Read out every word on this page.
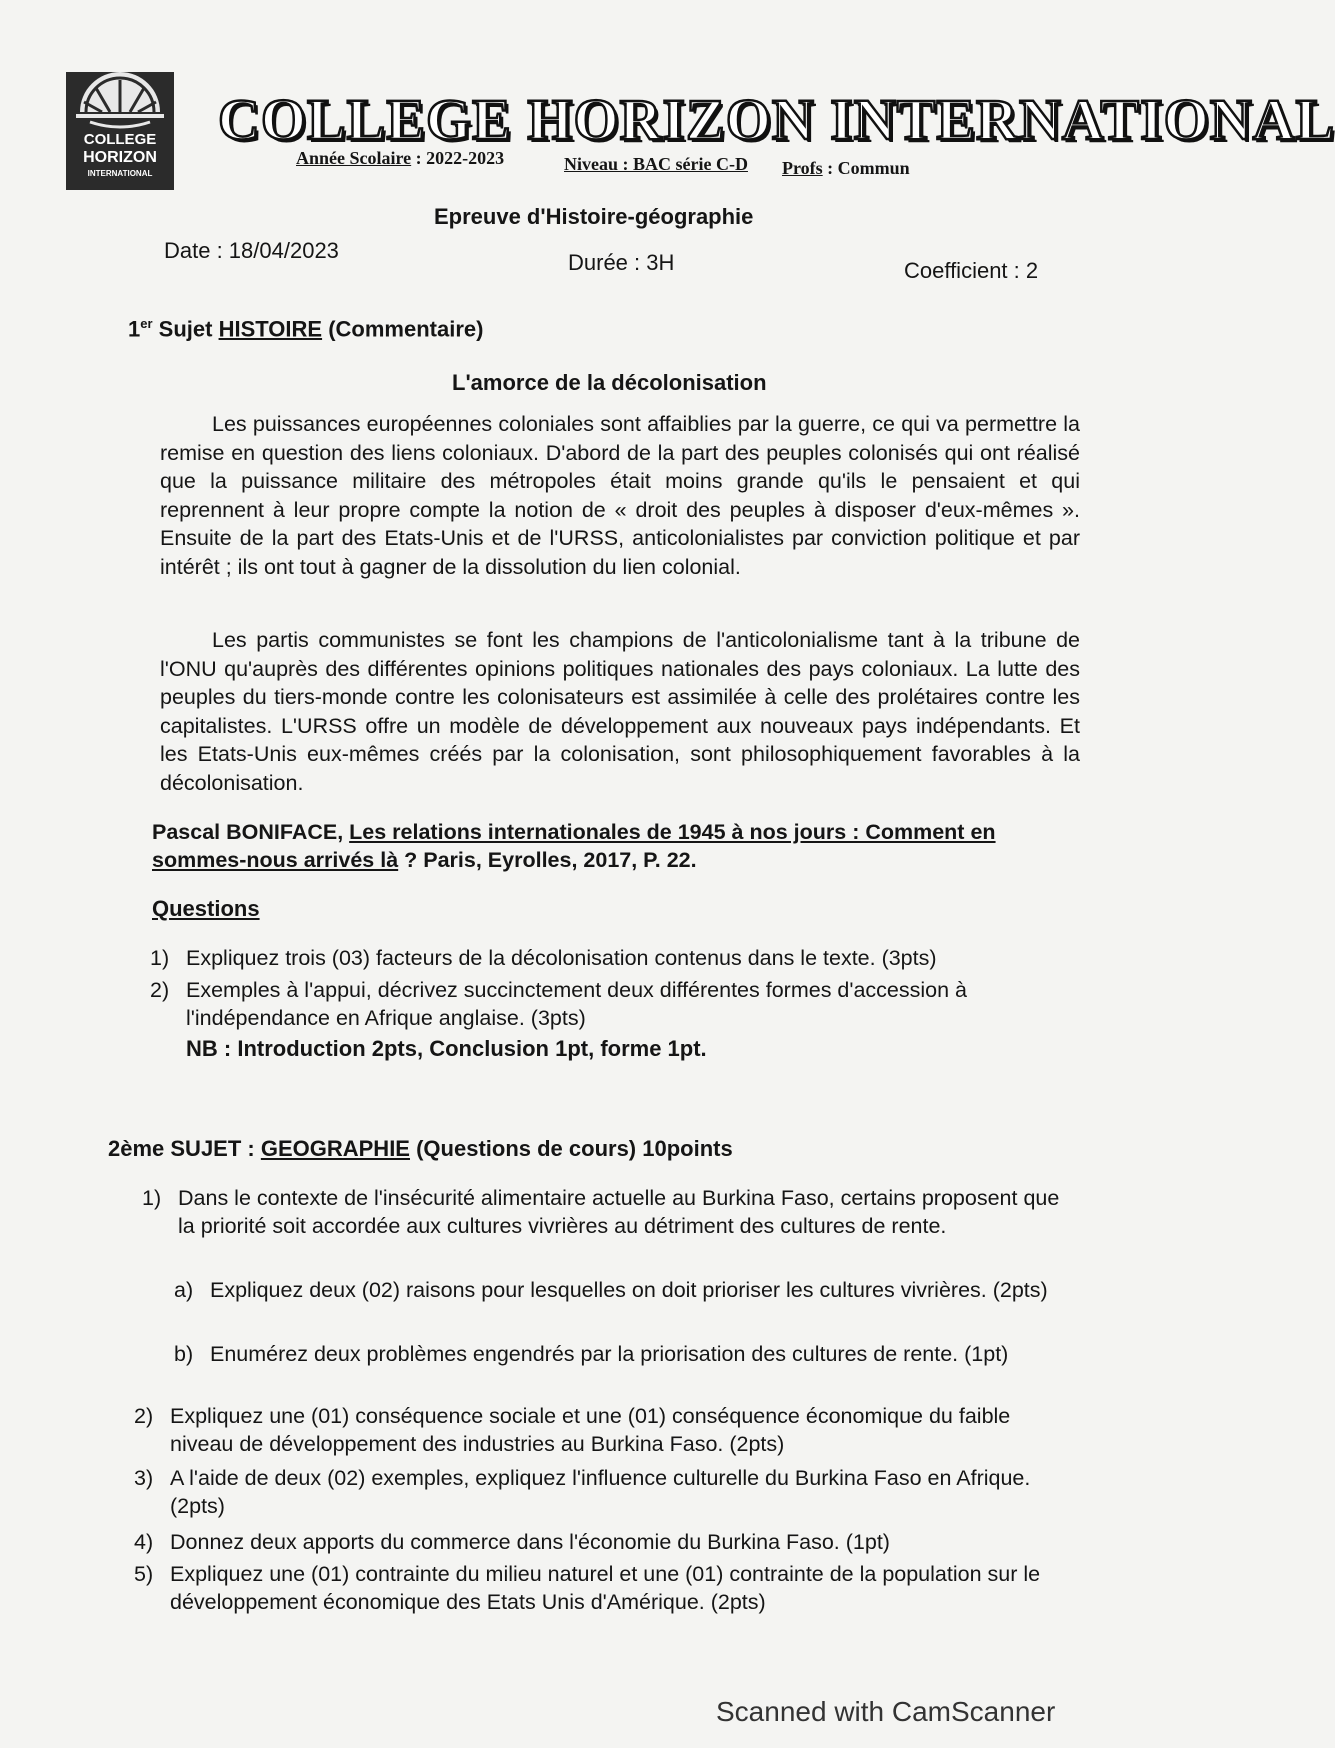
COLLEGE
HORIZON
INTERNATIONAL
COLLEGE HORIZON INTERNATIONAL
Année Scolaire : 2022-2023	Niveau : BAC série C-D Profs : Commun
Epreuve d'Histoire-géographie
Date : 18/04/2023	Durée : 3H	Coefficient : 2
1er Sujet HISTOIRE (Commentaire)
L'amorce de la décolonisation
Les puissances européennes coloniales sont affaiblies par la guerre, ce qui va permettre la remise en question des liens coloniaux. D'abord de la part des peuples colonisés qui ont réalisé que la puissance militaire des métropoles était moins grande qu'ils le pensaient et qui reprennent à leur propre compte la notion de « droit des peuples à disposer d'eux-mêmes ». Ensuite de la part des Etats-Unis et de l'URSS, anticolonialistes par conviction politique et par intérêt ; ils ont tout à gagner de la dissolution du lien colonial.
Les partis communistes se font les champions de l'anticolonialisme tant à la tribune de l'ONU qu'auprès des différentes opinions politiques nationales des pays coloniaux. La lutte des peuples du tiers-monde contre les colonisateurs est assimilée à celle des prolétaires contre les capitalistes. L'URSS offre un modèle de développement aux nouveaux pays indépendants. Et les Etats-Unis eux-mêmes créés par la colonisation, sont philosophiquement favorables à la décolonisation.
Pascal BONIFACE, Les relations internationales de 1945 à nos jours : Comment en sommes-nous arrivés là ? Paris, Eyrolles, 2017, P. 22.
Questions
1) Expliquez trois (03) facteurs de la décolonisation contenus dans le texte. (3pts)
2) Exemples à l'appui, décrivez succinctement deux différentes formes d'accession à l'indépendance en Afrique anglaise. (3pts)
NB : Introduction 2pts, Conclusion 1pt, forme 1pt.
2ème SUJET : GEOGRAPHIE (Questions de cours) 10points
1) Dans le contexte de l'insécurité alimentaire actuelle au Burkina Faso, certains proposent que la priorité soit accordée aux cultures vivrières au détriment des cultures de rente.
a) Expliquez deux (02) raisons pour lesquelles on doit prioriser les cultures vivrières. (2pts)
b) Enumérez deux problèmes engendrés par la priorisation des cultures de rente. (1pt)
2) Expliquez une (01) conséquence sociale et une (01) conséquence économique du faible niveau de développement des industries au Burkina Faso. (2pts)
3) A l'aide de deux (02) exemples, expliquez l'influence culturelle du Burkina Faso en Afrique. (2pts)
4) Donnez deux apports du commerce dans l'économie du Burkina Faso. (1pt)
5) Expliquez une (01) contrainte du milieu naturel et une (01) contrainte de la population sur le développement économique des Etats Unis d'Amérique. (2pts)
Scanned with CamScanner
